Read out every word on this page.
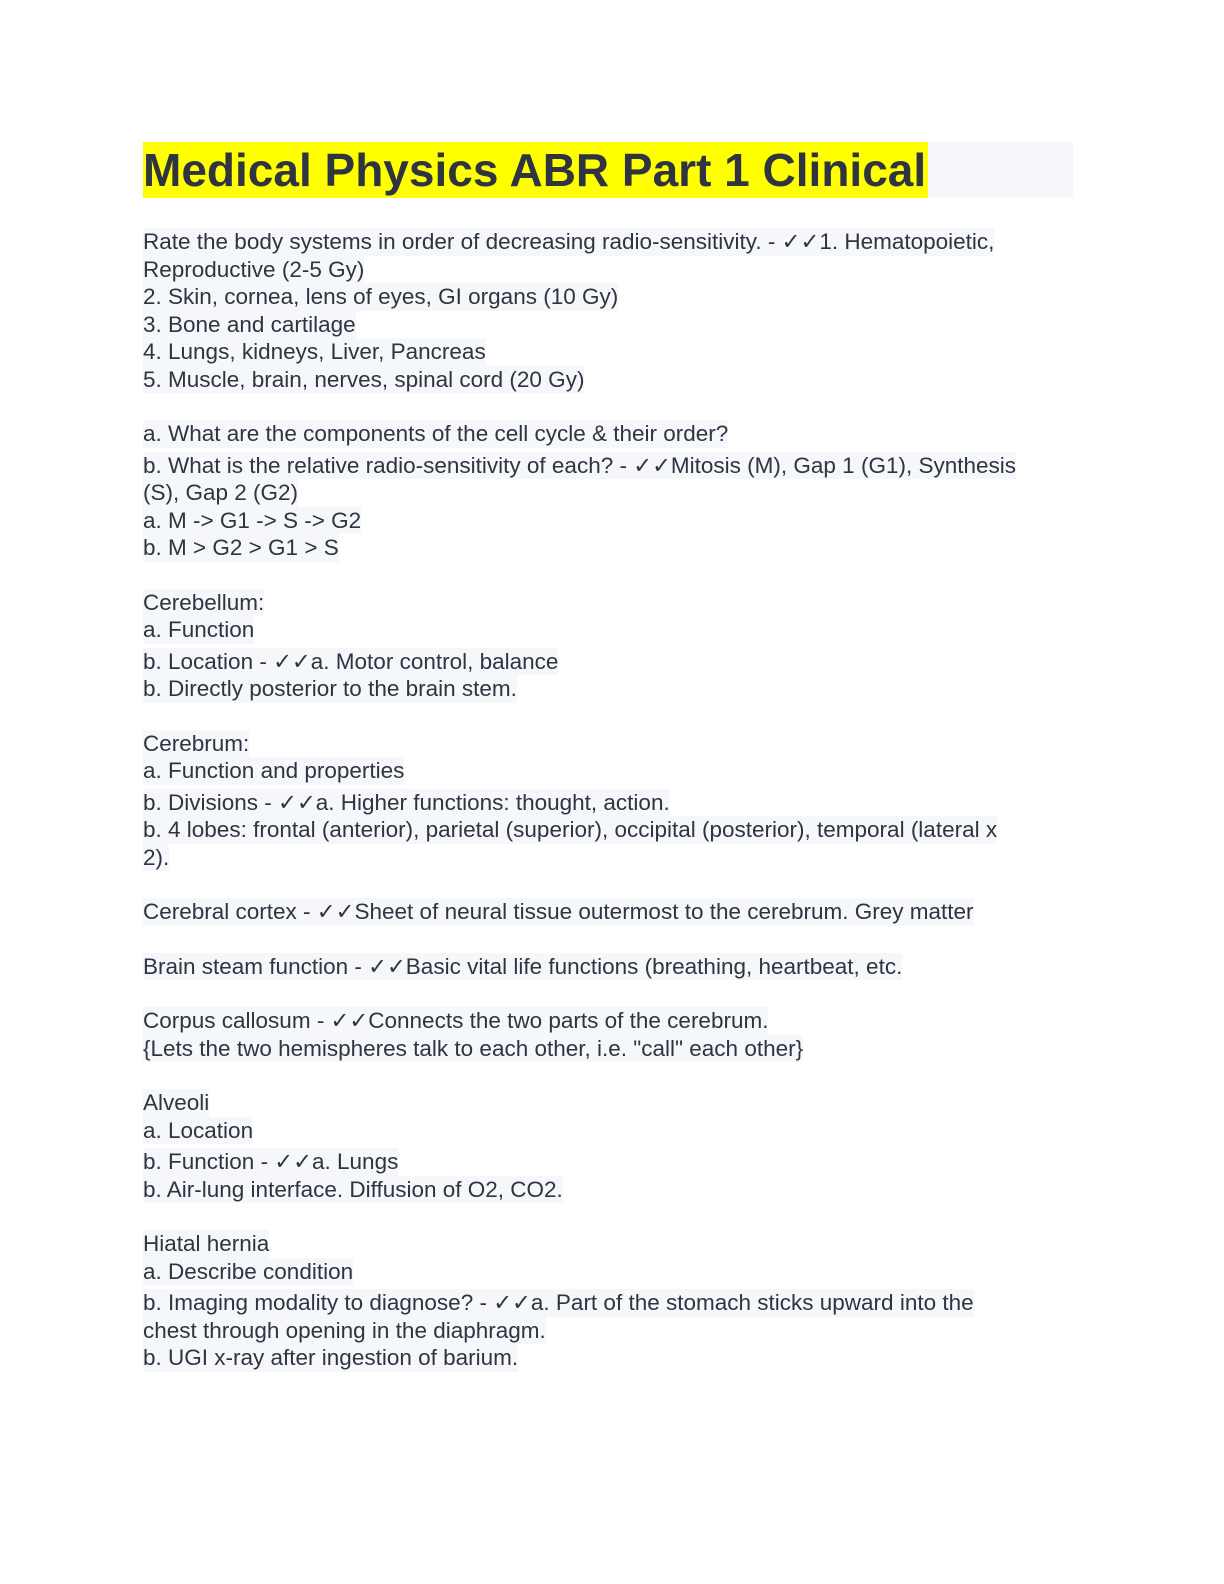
Medical Physics ABR Part 1 Clinical
Rate the body systems in order of decreasing radio-sensitivity. - ✓✓1. Hematopoietic,
Reproductive (2-5 Gy)
2. Skin, cornea, lens of eyes, GI organs (10 Gy)
3. Bone and cartilage
4. Lungs, kidneys, Liver, Pancreas
5. Muscle, brain, nerves, spinal cord (20 Gy)
a. What are the components of the cell cycle & their order?
b. What is the relative radio-sensitivity of each? - ✓✓Mitosis (M), Gap 1 (G1), Synthesis
(S), Gap 2 (G2)
a. M -> G1 -> S -> G2
b. M > G2 > G1 > S
Cerebellum:
a. Function
b. Location - ✓✓a. Motor control, balance
b. Directly posterior to the brain stem.
Cerebrum:
a. Function and properties
b. Divisions - ✓✓a. Higher functions: thought, action.
b. 4 lobes: frontal (anterior), parietal (superior), occipital (posterior), temporal (lateral x
2).
Cerebral cortex - ✓✓Sheet of neural tissue outermost to the cerebrum. Grey matter
Brain steam function - ✓✓Basic vital life functions (breathing, heartbeat, etc.
Corpus callosum - ✓✓Connects the two parts of the cerebrum.
{Lets the two hemispheres talk to each other, i.e. "call" each other}
Alveoli
a. Location
b. Function - ✓✓a. Lungs
b. Air-lung interface. Diffusion of O2, CO2.
Hiatal hernia
a. Describe condition
b. Imaging modality to diagnose? - ✓✓a. Part of the stomach sticks upward into the
chest through opening in the diaphragm.
b. UGI x-ray after ingestion of barium.
